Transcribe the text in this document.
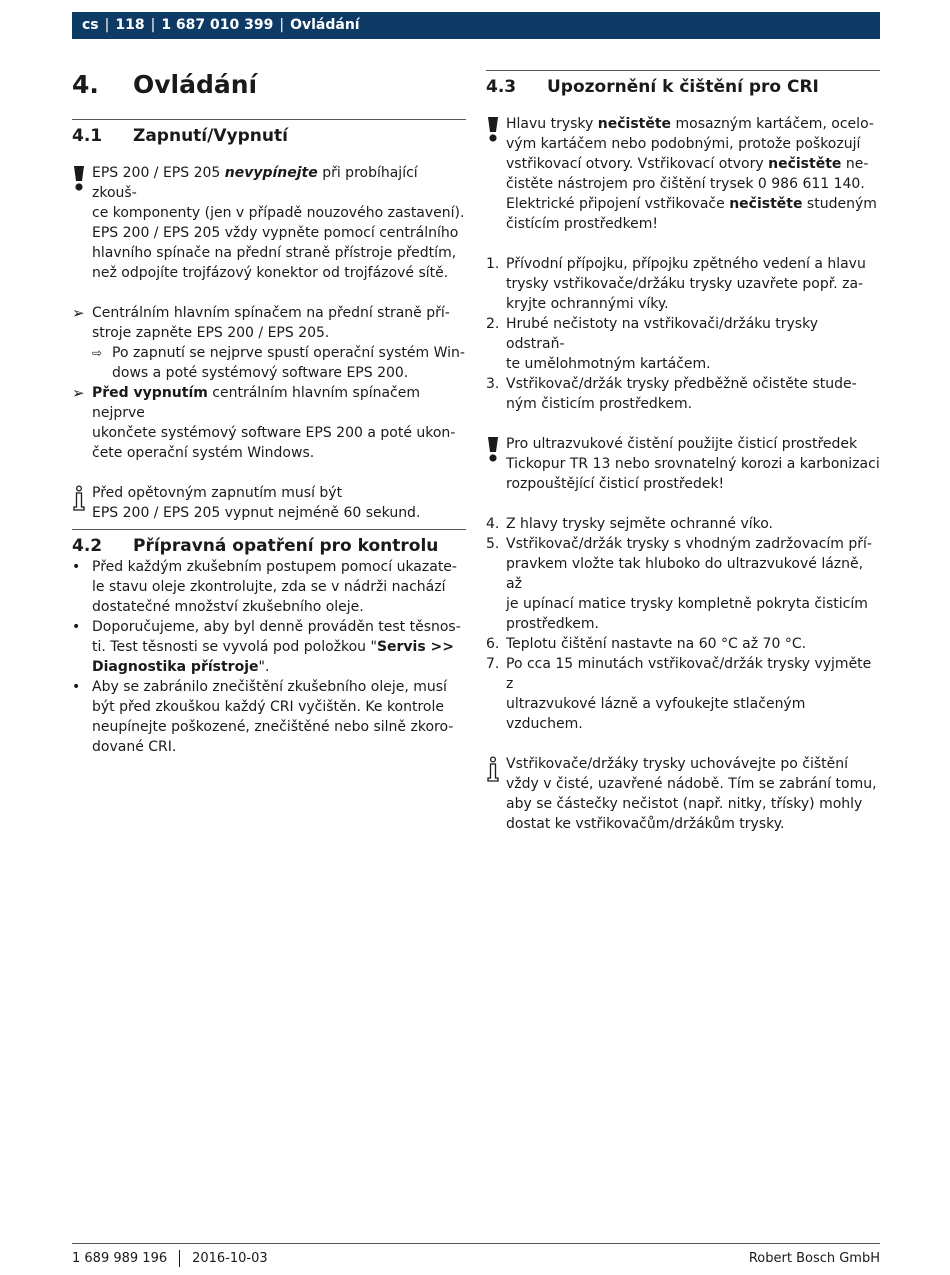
cs | 118 | 1 687 010 399 | Ovládání
4.	Ovládání
4.1	Zapnutí/Vypnutí
EPS 200 / EPS 205 nevypínejte při probíhající zkouš-
ce komponenty (jen v případě nouzového zastavení).
EPS 200 / EPS 205 vždy vypněte pomocí centrálního
hlavního spínače na přední straně přístroje předtím,
než odpojíte trojfázový konektor od trojfázové sítě.
➢ Centrálním hlavním spínačem na přední straně pří-
stroje zapněte EPS 200 / EPS 205.
⇨ Po zapnutí se nejprve spustí operační systém Win-
dows a poté systémový software EPS 200.
➢ Před vypnutím centrálním hlavním spínačem nejprve
ukončete systémový software EPS 200 a poté ukon-
čete operační systém Windows.
Před opětovným zapnutím musí být
EPS 200 / EPS 205 vypnut nejméně 60 sekund.
4.2	Přípravná opatření pro kontrolu
• Před každým zkušebním postupem pomocí ukazate-
le stavu oleje zkontrolujte, zda se v nádrži nachází
dostatečné množství zkušebního oleje.
• Doporučujeme, aby byl denně prováděn test těsnos-
ti. Test těsnosti se vyvolá pod položkou "Servis >>
Diagnostika přístroje".
• Aby se zabránilo znečištění zkušebního oleje, musí
být před zkouškou každý CRI vyčištěn. Ke kontrole
neupínejte poškozené, znečištěné nebo silně zkoro-
dované CRI.
4.3	Upozornění k čištění pro CRI
Hlavu trysky nečistěte mosazným kartáčem, ocelo-
vým kartáčem nebo podobnými, protože poškozují
vstřikovací otvory. Vstřikovací otvory nečistěte ne-
čistěte nástrojem pro čištění trysek 0 986 611 140.
Elektrické připojení vstřikovače nečistěte studeným
čistícím prostředkem!
1. Přívodní přípojku, přípojku zpětného vedení a hlavu
trysky vstřikovače/držáku trysky uzavřete popř. za-
kryjte ochrannými víky.
2. Hrubé nečistoty na vstřikovači/držáku trysky odstraň-
te umělohmotným kartáčem.
3. Vstřikovač/držák trysky předběžně očistěte stude-
ným čisticím prostředkem.
Pro ultrazvukové čistění použijte čisticí prostředek
Tickopur TR 13 nebo srovnatelný korozi a karbonizaci
rozpouštějící čisticí prostředek!
4. Z hlavy trysky sejměte ochranné víko.
5. Vstřikovač/držák trysky s vhodným zadržovacím pří-
pravkem vložte tak hluboko do ultrazvukové lázně, až
je upínací matice trysky kompletně pokryta čisticím
prostředkem.
6. Teplotu čištění nastavte na 60 °C až 70 °C.
7. Po cca 15 minutách vstřikovač/držák trysky vyjměte z
ultrazvukové lázně a vyfoukejte stlačeným vzduchem.
Vstřikovače/držáky trysky uchovávejte po čištění
vždy v čisté, uzavřené nádobě. Tím se zabrání tomu,
aby se částečky nečistot (např. nitky, třísky) mohly
dostat ke vstřikovačům/držákům trysky.
1 689 989 196 2016-10-03	Robert Bosch GmbH
